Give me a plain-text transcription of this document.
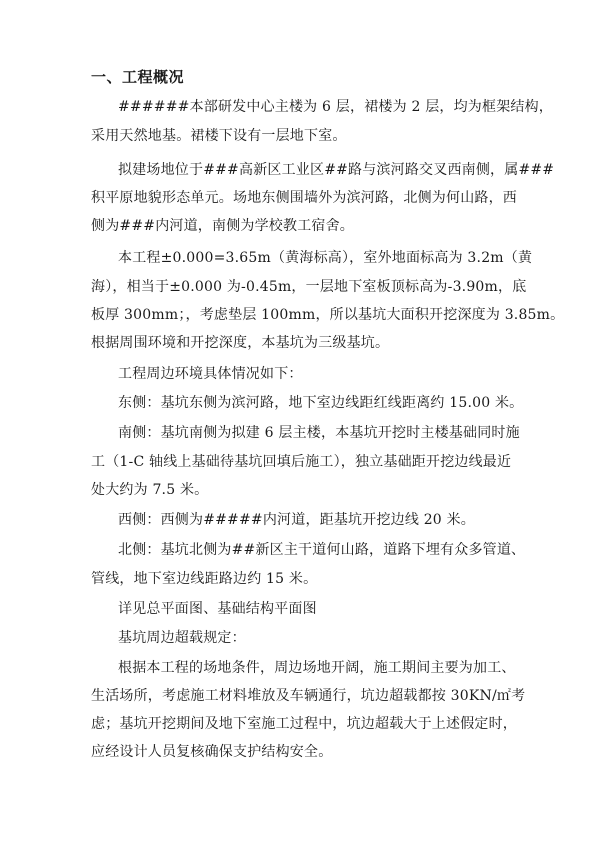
一、工程概况
######本部研发中心主楼为 6 层，裙楼为 2 层，均为框架结构，
采用天然地基。裙楼下设有一层地下室。
拟建场地位于###高新区工业区##路与滨河路交叉西南侧，属###
积平原地貌形态单元。场地东侧围墙外为滨河路，北侧为何山路，西
侧为###内河道，南侧为学校教工宿舍。
本工程±0.000=3.65m（黄海标高），室外地面标高为 3.2m（黄
海），相当于±0.000 为-0.45m，一层地下室板顶标高为-3.90m，底
板厚 300mm；，考虑垫层 100mm，所以基坑大面积开挖深度为 3.85m。
根据周围环境和开挖深度，本基坑为三级基坑。
工程周边环境具体情况如下：
东侧：基坑东侧为滨河路，地下室边线距红线距离约 15.00 米。
南侧：基坑南侧为拟建 6 层主楼，本基坑开挖时主楼基础同时施
工（1-C 轴线上基础待基坑回填后施工），独立基础距开挖边线最近
处大约为 7.5 米。
西侧：西侧为#####内河道，距基坑开挖边线 20 米。
北侧：基坑北侧为##新区主干道何山路，道路下埋有众多管道、
管线，地下室边线距路边约 15 米。
详见总平面图、基础结构平面图
基坑周边超载规定：
根据本工程的场地条件，周边场地开阔，施工期间主要为加工、
生活场所，考虑施工材料堆放及车辆通行，坑边超载都按 30KN/㎡考
虑；基坑开挖期间及地下室施工过程中，坑边超载大于上述假定时，
应经设计人员复核确保支护结构安全。
